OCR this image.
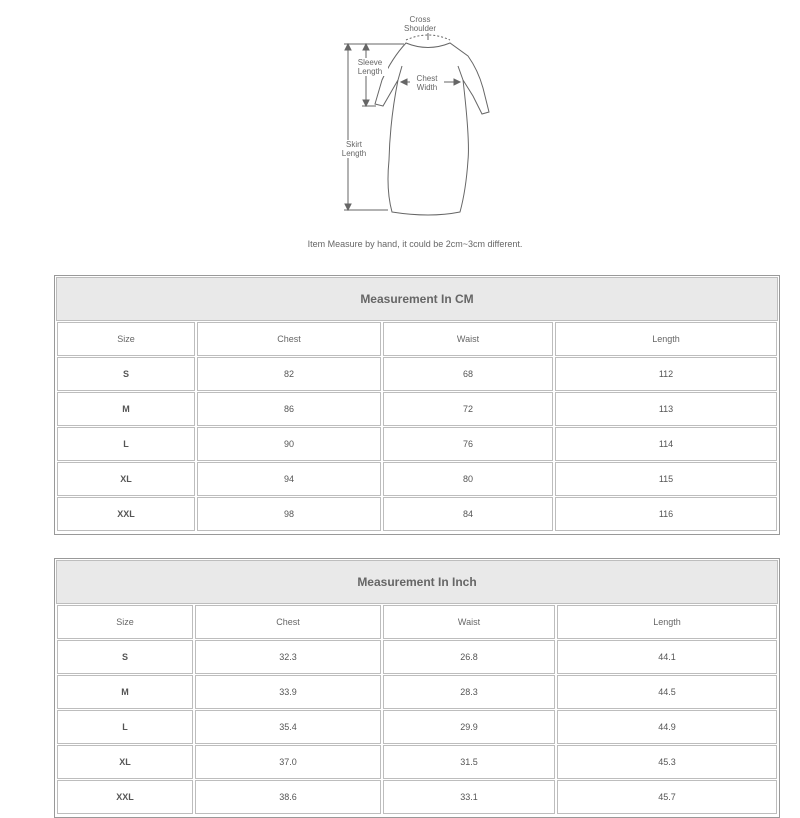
Cross
Shoulder
Sleeve
Length
Chest
Width
Skirt
Length
Item Measure by hand, it could be 2cm~3cm different.
Measurement In CM
Size	Chest	Waist	Length
S	82	68	112
M	86	72	113
L	90	76	114
XL	94	80	115
XXL	98	84	116
Measurement In Inch
Size	Chest	Waist	Length
S	32.3	26.8	44.1
M	33.9	28.3	44.5
L	35.4	29.9	44.9
XL	37.0	31.5	45.3
XXL	38.6	33.1	45.7
